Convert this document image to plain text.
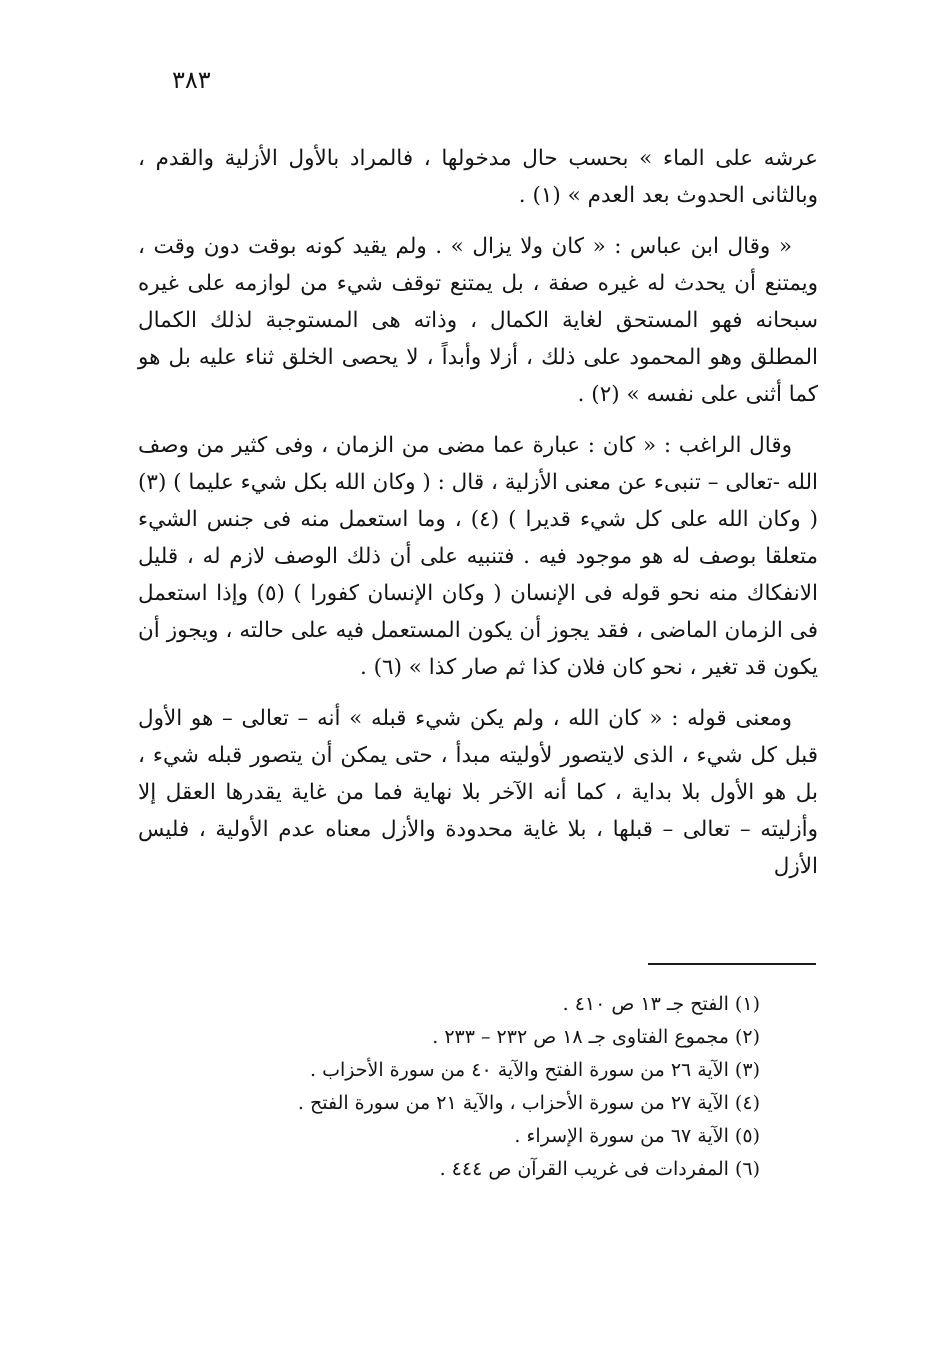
٣٨٣

عرشه على الماء » بحسب حال مدخولها ، فالمراد بالأول الأزلية والقدم ، وبالثانى الحدوث بعد العدم » (١) .

« وقال ابن عباس : « كان ولا يزال » . ولم يقيد كونه بوقت دون وقت ، ويمتنع أن يحدث له غيره صفة ، بل يمتنع توقف شيء من لوازمه على غيره سبحانه فهو المستحق لغاية الكمال ، وذاته هى المستوجبة لذلك الكمال المطلق وهو المحمود على ذلك ، أزلا وأبداً ، لا يحصى الخلق ثناء عليه بل هو كما أثنى على نفسه » (٢) .

وقال الراغب : « كان : عبارة عما مضى من الزمان ، وفى كثير من وصف الله -تعالى – تنبىء عن معنى الأزلية ، قال : ( وكان الله بكل شيء عليما ) (٣) ( وكان الله على كل شيء قديرا ) (٤) ، وما استعمل منه فى جنس الشيء متعلقا بوصف له هو موجود فيه . فتنبيه على أن ذلك الوصف لازم له ، قليل الانفكاك منه نحو قوله فى الإنسان ( وكان الإنسان كفورا ) (٥) وإذا استعمل فى الزمان الماضى ، فقد يجوز أن يكون المستعمل فيه على حالته ، ويجوز أن يكون قد تغير ، نحو كان فلان كذا ثم صار كذا » (٦) .

ومعنى قوله : « كان الله ، ولم يكن شيء قبله » أنه – تعالى – هو الأول قبل كل شيء ، الذى لايتصور لأوليته مبدأ ، حتى يمكن أن يتصور قبله شيء ، بل هو الأول بلا بداية ، كما أنه الآخر بلا نهاية فما من غاية يقدرها العقل إلا وأزليته – تعالى – قبلها ، بلا غاية محدودة والأزل معناه عدم الأولية ، فليس الأزل

(١) الفتح جـ ١٣ ص ٤١٠ .
(٢) مجموع الفتاوى جـ ١٨ ص ٢٣٢ – ٢٣٣ .
(٣) الآية ٢٦ من سورة الفتح والآية ٤٠ من سورة الأحزاب .
(٤) الآية ٢٧ من سورة الأحزاب ، والآية ٢١ من سورة الفتح .
(٥) الآية ٦٧ من سورة الإسراء .
(٦) المفردات فى غريب القرآن ص ٤٤٤ .
